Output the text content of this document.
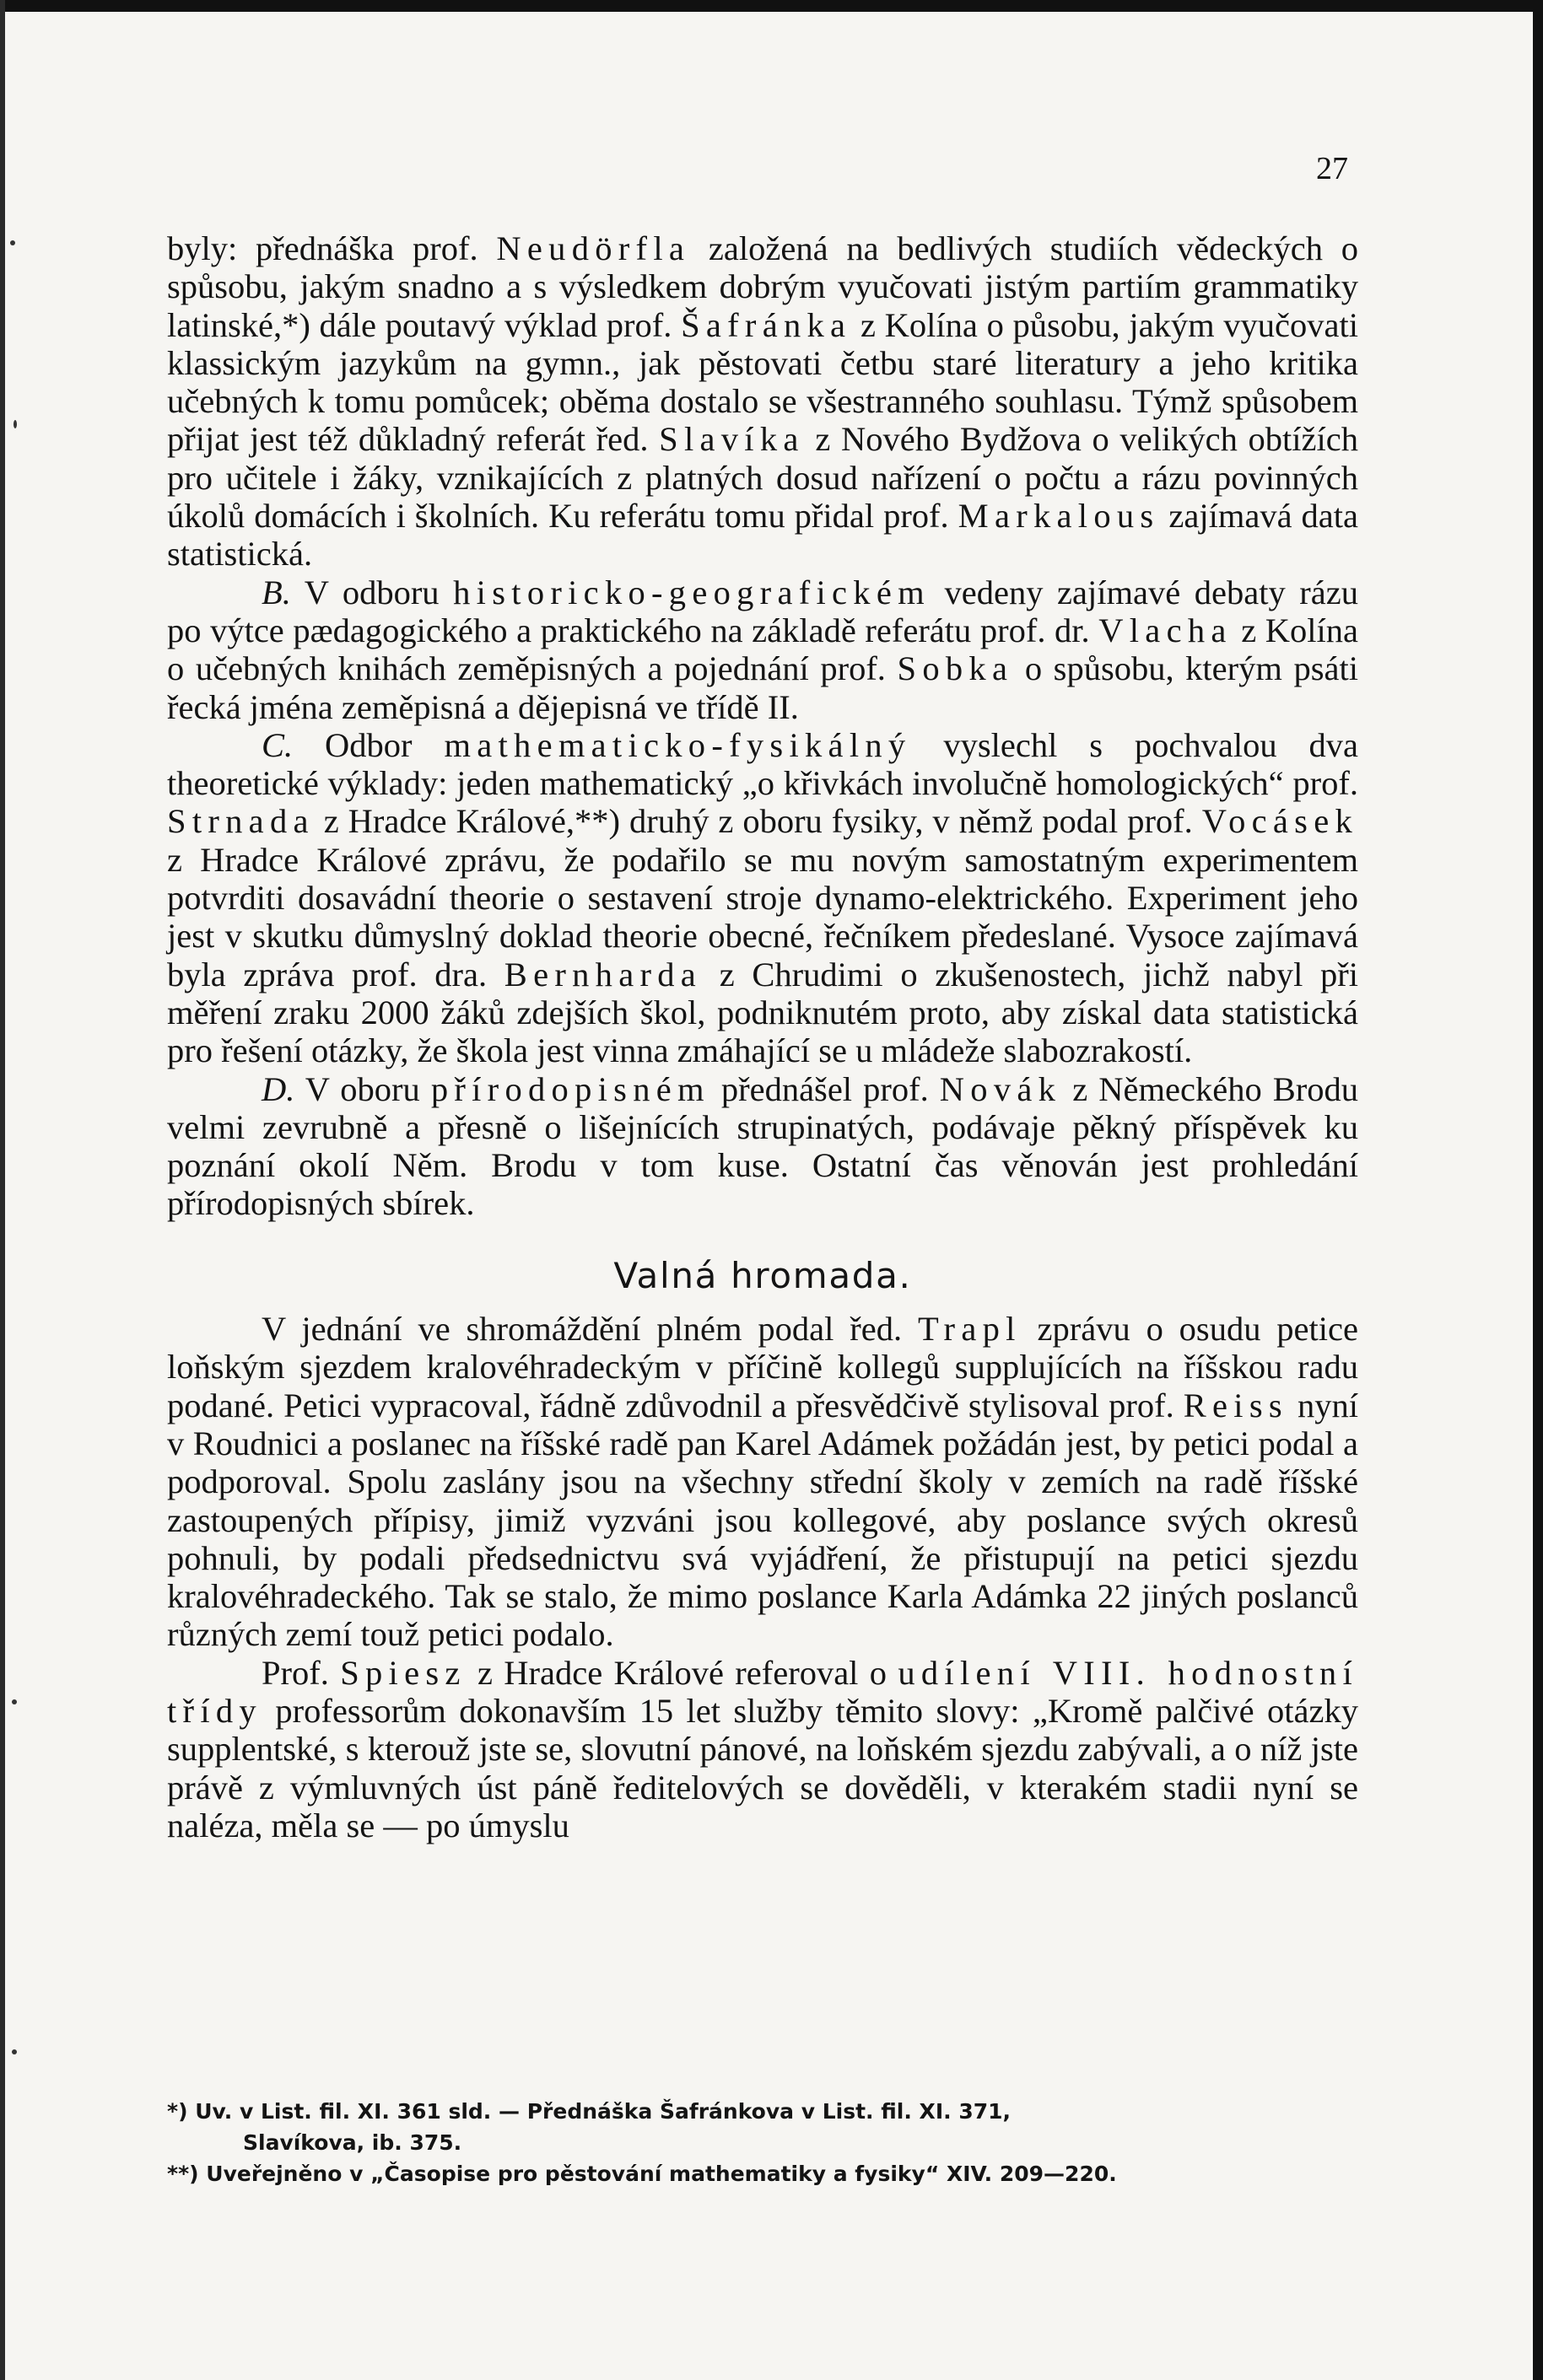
27

byly: přednáška prof. Neudörfla založená na bedlivých studiích vědeckých o spůsobu, jakým snadno a s výsledkem dobrým vyučovati jistým partiím grammatiky latinské,*) dále poutavý výklad prof. Šafránka z Kolína o působu, jakým vyučovati klassickým jazykům na gymn., jak pěstovati četbu staré literatury a jeho kritika učebných k tomu pomůcek; oběma dostalo se všestranného souhlasu. Týmž spůsobem přijat jest též důkladný referát řed. Slavíka z Nového Bydžova o velikých obtížích pro učitele i žáky, vznikajících z platných dosud nařízení o počtu a rázu povinných úkolů domácích i školních. Ku referátu tomu přidal prof. Markalous zajímavá data statistická.

B. V odboru historicko-geografickém vedeny zajímavé debaty rázu po výtce pædagogického a praktického na základě referátu prof. dr. Vlacha z Kolína o učebných knihách zeměpisných a pojednání prof. Sobka o spůsobu, kterým psáti řecká jména zeměpisná a dějepisná ve třídě II.

C. Odbor mathematicko-fysikálný vyslechl s pochvalou dva theoretické výklady: jeden mathematický „o křivkách involučně homologických“ prof. Strnada z Hradce Králové,**) druhý z oboru fysiky, v němž podal prof. Vocásek z Hradce Králové zprávu, že podařilo se mu novým samostatným experimentem potvrditi dosavádní theorie o sestavení stroje dynamo-elektrického. Experiment jeho jest v skutku důmyslný doklad theorie obecné, řečníkem předeslané. Vysoce zajímavá byla zpráva prof. dra. Bernharda z Chrudimi o zkušenostech, jichž nabyl při měření zraku 2000 žáků zdejších škol, podniknutém proto, aby získal data statistická pro řešení otázky, že škola jest vinna zmáhající se u mládeže slabozrakostí.

D. V oboru přírodopisném přednášel prof. Novák z Německého Brodu velmi zevrubně a přesně o lišejnících strupinatých, podávaje pěkný příspěvek ku poznání okolí Něm. Brodu v tom kuse. Ostatní čas věnován jest prohledání přírodopisných sbírek.

Valná hromada.

V jednání ve shromáždění plném podal řed. Trapl zprávu o osudu petice loňským sjezdem kralovéhradeckým v příčině kollegů supplujících na říšskou radu podané. Petici vypracoval, řádně zdůvodnil a přesvědčivě stylisoval prof. Reiss nyní v Roudnici a poslanec na říšské radě pan Karel Adámek požádán jest, by petici podal a podporoval. Spolu zaslány jsou na všechny střední školy v zemích na radě říšské zastoupených přípisy, jimiž vyzváni jsou kollegové, aby poslance svých okresů pohnuli, by podali předsednictvu svá vyjádření, že přistupují na petici sjezdu kralovéhradeckého. Tak se stalo, že mimo poslance Karla Adámka 22 jiných poslanců různých zemí touž petici podalo.

Prof. Spiesz z Hradce Králové referoval o udílení VIII. hodnostní třídy professorům dokonavším 15 let služby těmito slovy: „Kromě palčivé otázky supplentské, s kterouž jste se, slovutní pánové, na loňském sjezdu zabývali, a o níž jste právě z výmluvných úst páně ředitelových se dověděli, v kterakém stadii nyní se naléza, měla se — po úmyslu

*) Uv. v List. fil. XI. 361 sld. — Přednáška Šafránkova v List. fil. XI. 371,

Slavíkova, ib. 375.

**) Uveřejněno v „Časopise pro pěstování mathematiky a fysiky“ XIV. 209—220.
